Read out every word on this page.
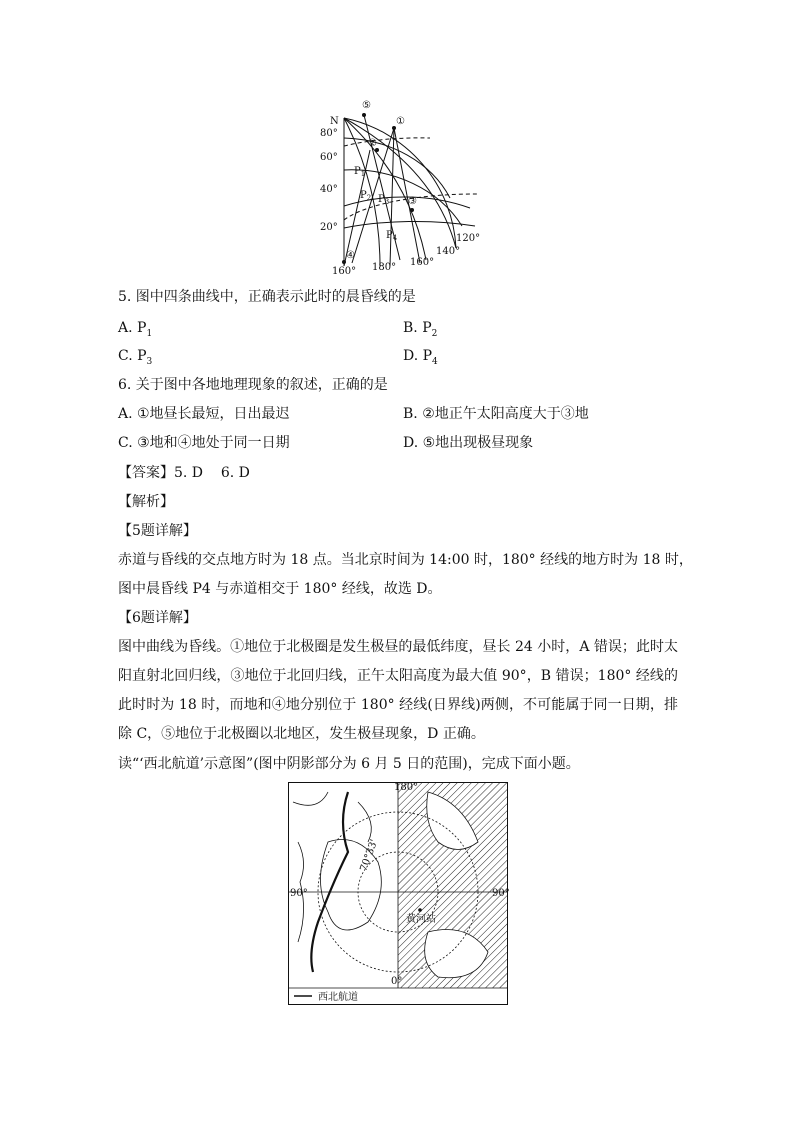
N
80°
60°
40°
20°
160° 180° 160°
140°
120°
⑤
①
②
③
④
$P_1$
$P_2$ $P_3$
$P_4$
5. 图中四条曲线中，正确表示此时的晨昏线的是
A. $P_1$	B. $P_2$
C. $P_3$	D. $P_4$
6. 关于图中各地地理现象的叙述，正确的是
A. ①地昼长最短，日出最迟	B. ②地正午太阳高度大于③地
C. ③地和④地处于同一日期	D. ⑤地出现极昼现象
【答案】5. D    6. D
【解析】
【5题详解】
赤道与昏线的交点地方时为 18 点。当北京时间为 14:00 时，180° 经线的地方时为 18 时，
图中晨昏线 P4 与赤道相交于 180° 经线，故选 D。
【6题详解】
图中曲线为昏线。①地位于北极圈是发生极昼的最低纬度，昼长 24 小时，A 错误；此时太阳直射北回归线，③地位于北回归线，正午太阳高度为最大值 90°，B 错误；180° 经线的此时时为 18 时，而地和④地分别位于 180° 经线(日界线)两侧，不可能属于同一日期，排除 C，⑤地位于北极圈以北地区，发生极昼现象，D 正确。
读“‘西北航道’示意图”(图中阴影部分为 6 月 5 日的范围)，完成下面小题。
180°
90°	90°
0°
70°33'
黄河站
西北航道
